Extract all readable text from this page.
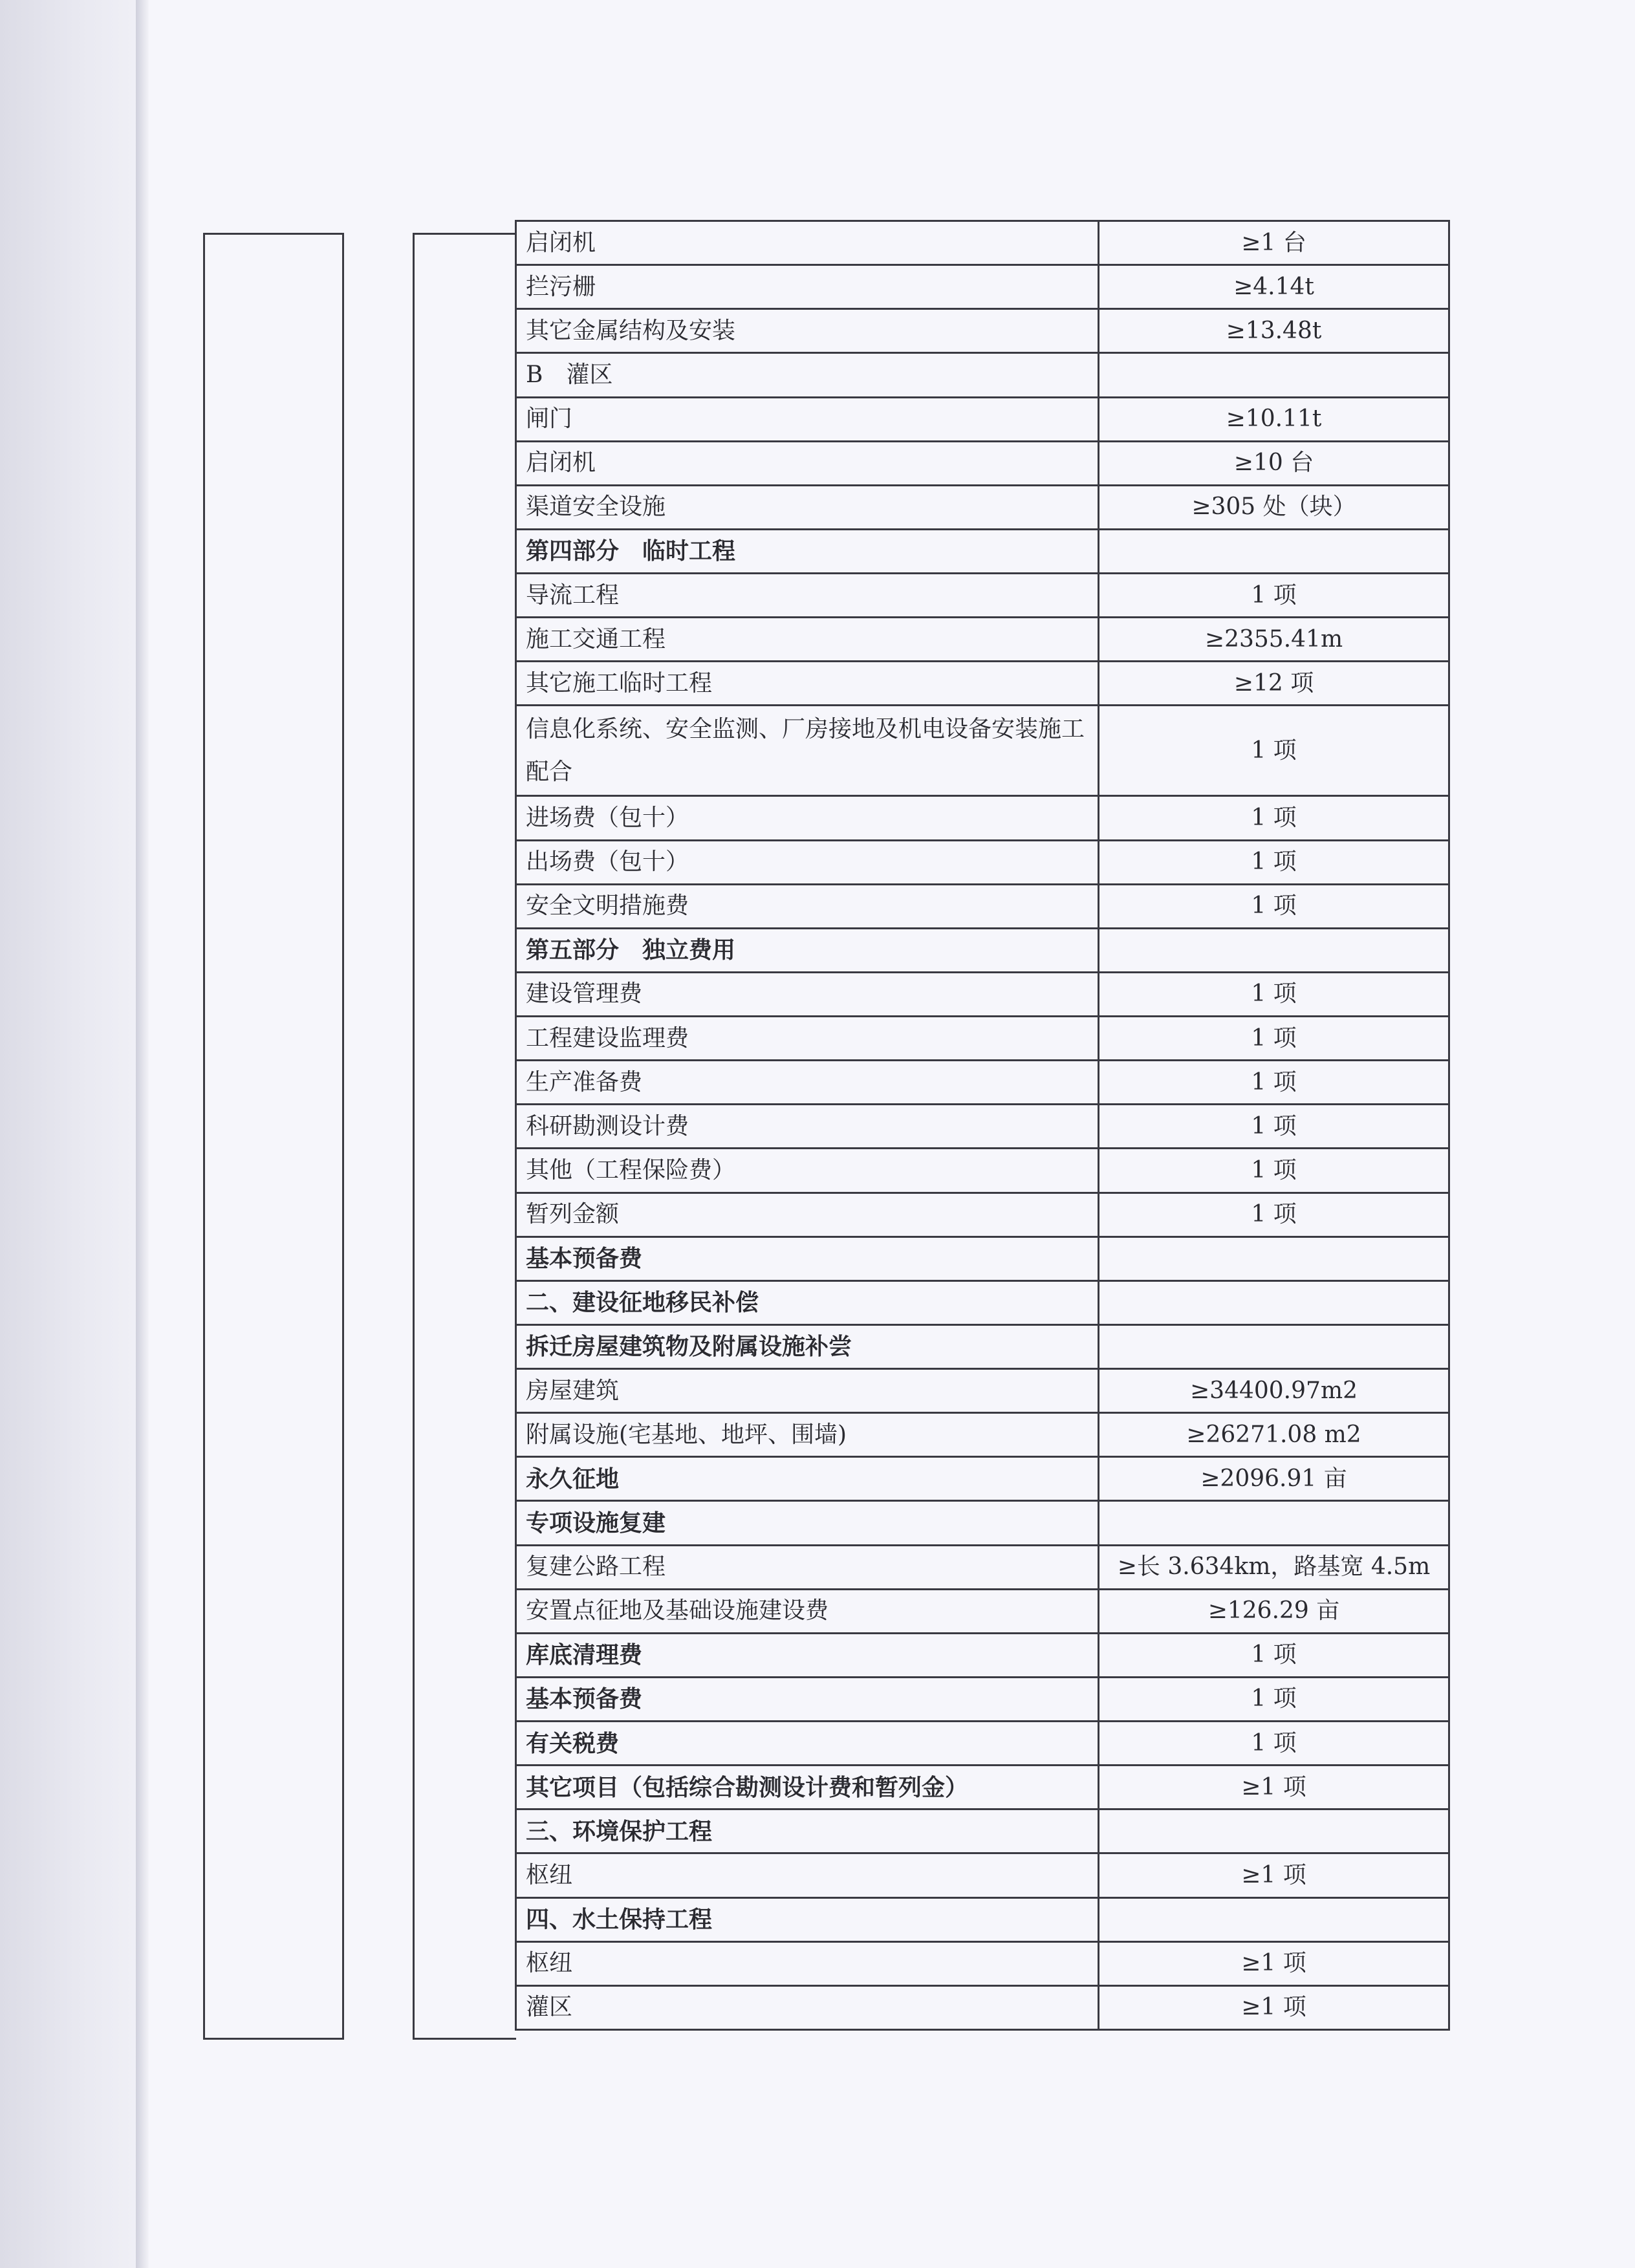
启闭机	≥1 台
拦污栅	≥4.14t
其它金属结构及安装	≥13.48t
B　灌区	
闸门	≥10.11t
启闭机	≥10 台
渠道安全设施	≥305 处（块）
第四部分　临时工程	
导流工程	1 项
施工交通工程	≥2355.41m
其它施工临时工程	≥12 项
信息化系统、安全监测、厂房接地及机电设备安装施工配合	1 项
进场费（包十）	1 项
出场费（包十）	1 项
安全文明措施费	1 项
第五部分　独立费用	
建设管理费	1 项
工程建设监理费	1 项
生产准备费	1 项
科研勘测设计费	1 项
其他（工程保险费）	1 项
暂列金额	1 项
基本预备费	
二、建设征地移民补偿	
拆迁房屋建筑物及附属设施补尝	
房屋建筑	≥34400.97m2
附属设施(宅基地、地坪、围墙)	≥26271.08 m2
永久征地	≥2096.91 亩
专项设施复建	
复建公路工程	≥长 3.634km，路基宽 4.5m
安置点征地及基础设施建设费	≥126.29 亩
库底清理费	1 项
基本预备费	1 项
有关税费	1 项
其它项目（包括综合勘测设计费和暂列金）	≥1 项
三、环境保护工程	
枢纽	≥1 项
四、水土保持工程	
枢纽	≥1 项
灌区	≥1 项
